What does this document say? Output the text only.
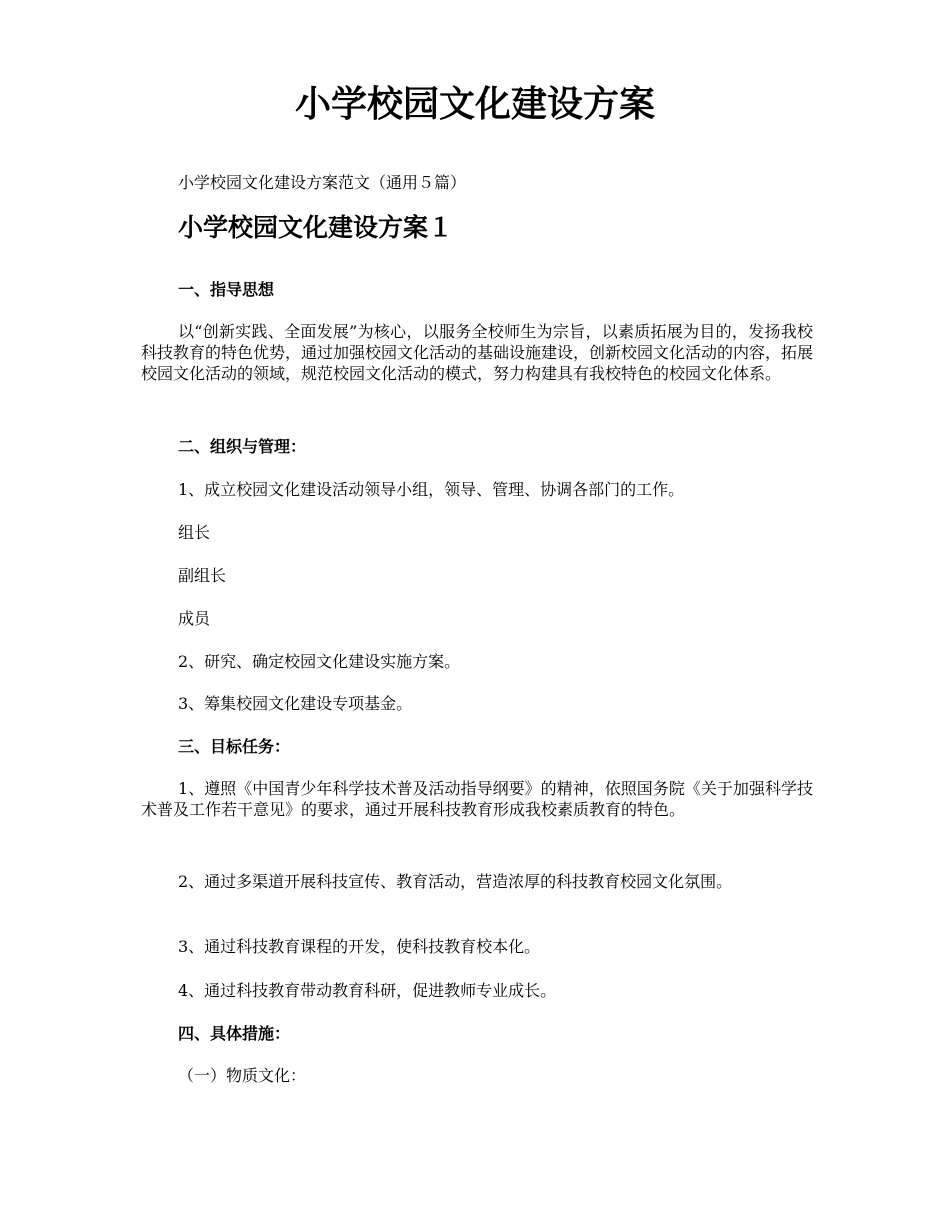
小学校园文化建设方案

小学校园文化建设方案范文（通用５篇）

小学校园文化建设方案１

一、指导思想

以“创新实践、全面发展”为核心，以服务全校师生为宗旨，以素质拓展为目的，发扬我校科技教育的特色优势，通过加强校园文化活动的基础设施建设，创新校园文化活动的内容，拓展校园文化活动的领域，规范校园文化活动的模式，努力构建具有我校特色的校园文化体系。

二、组织与管理：

1、成立校园文化建设活动领导小组，领导、管理、协调各部门的工作。

组长

副组长

成员

2、研究、确定校园文化建设实施方案。

3、筹集校园文化建设专项基金。

三、目标任务：

1、遵照《中国青少年科学技术普及活动指导纲要》的精神，依照国务院《关于加强科学技术普及工作若干意见》的要求，通过开展科技教育形成我校素质教育的特色。

2、通过多渠道开展科技宣传、教育活动，营造浓厚的科技教育校园文化氛围。

3、通过科技教育课程的开发，使科技教育校本化。

4、通过科技教育带动教育科研，促进教师专业成长。

四、具体措施：

（一）物质文化：
